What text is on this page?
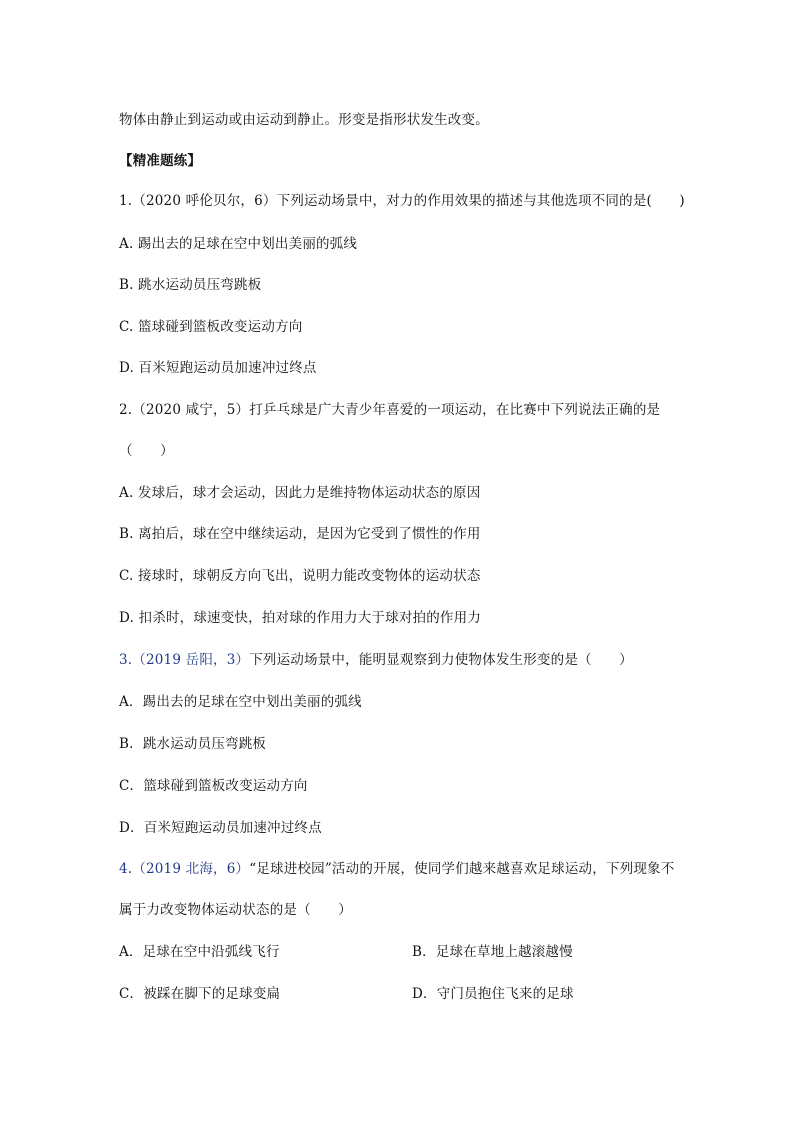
物体由静止到运动或由运动到静止。形变是指形状发生改变。
【精准题练】
1.（2020 呼伦贝尔，6）下列运动场景中，对力的作用效果的描述与其他选项不同的是(　　)
A. 踢出去的足球在空中划出美丽的弧线
B. 跳水运动员压弯跳板
C. 篮球碰到篮板改变运动方向
D. 百米短跑运动员加速冲过终点
2.（2020 咸宁，5）打乒乓球是广大青少年喜爱的一项运动，在比赛中下列说法正确的是
（　　）
A. 发球后，球才会运动，因此力是维持物体运动状态的原因
B. 离拍后，球在空中继续运动，是因为它受到了惯性的作用
C. 接球时，球朝反方向飞出，说明力能改变物体的运动状态
D. 扣杀时，球速变快，拍对球的作用力大于球对拍的作用力
3.（2019 岳阳，3）下列运动场景中，能明显观察到力使物体发生形变的是（　　）
A．踢出去的足球在空中划出美丽的弧线
B．跳水运动员压弯跳板
C．篮球碰到篮板改变运动方向
D．百米短跑运动员加速冲过终点
4.（2019 北海，6）“足球进校园”活动的开展，使同学们越来越喜欢足球运动，下列现象不
属于力改变物体运动状态的是（　　）
A．足球在空中沿弧线飞行	B．足球在草地上越滚越慢
C．被踩在脚下的足球变扁	D．守门员抱住飞来的足球
